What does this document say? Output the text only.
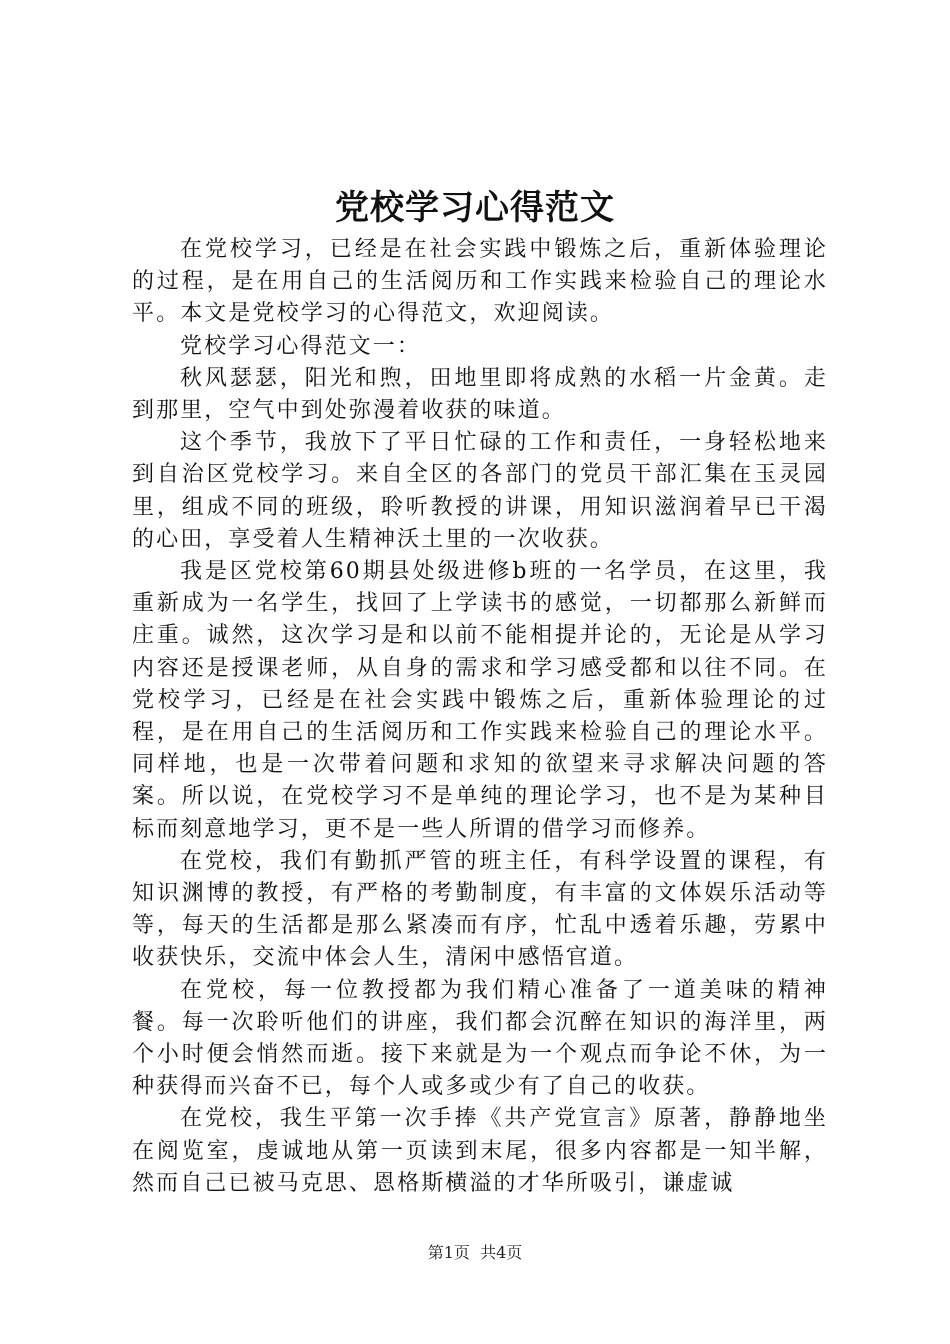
党校学习心得范文

在党校学习，已经是在社会实践中锻炼之后，重新体验理论的过程，是在用自己的生活阅历和工作实践来检验自己的理论水平。本文是党校学习的心得范文，欢迎阅读。

党校学习心得范文一：

秋风瑟瑟，阳光和煦，田地里即将成熟的水稻一片金黄。走到那里，空气中到处弥漫着收获的味道。

这个季节，我放下了平日忙碌的工作和责任，一身轻松地来到自治区党校学习。来自全区的各部门的党员干部汇集在玉灵园里，组成不同的班级，聆听教授的讲课，用知识滋润着早已干渴的心田，享受着人生精神沃土里的一次收获。

我是区党校第60期县处级进修b班的一名学员，在这里，我重新成为一名学生，找回了上学读书的感觉，一切都那么新鲜而庄重。诚然，这次学习是和以前不能相提并论的，无论是从学习内容还是授课老师，从自身的需求和学习感受都和以往不同。在党校学习，已经是在社会实践中锻炼之后，重新体验理论的过程，是在用自己的生活阅历和工作实践来检验自己的理论水平。同样地，也是一次带着问题和求知的欲望来寻求解决问题的答案。所以说，在党校学习不是单纯的理论学习，也不是为某种目标而刻意地学习，更不是一些人所谓的借学习而修养。

在党校，我们有勤抓严管的班主任，有科学设置的课程，有知识渊博的教授，有严格的考勤制度，有丰富的文体娱乐活动等等，每天的生活都是那么紧凑而有序，忙乱中透着乐趣，劳累中收获快乐，交流中体会人生，清闲中感悟官道。

在党校，每一位教授都为我们精心准备了一道美味的精神餐。每一次聆听他们的讲座，我们都会沉醉在知识的海洋里，两个小时便会悄然而逝。接下来就是为一个观点而争论不休，为一种获得而兴奋不已，每个人或多或少有了自己的收获。

在党校，我生平第一次手捧《共产党宣言》原著，静静地坐在阅览室，虔诚地从第一页读到末尾，很多内容都是一知半解，然而自己已被马克思、恩格斯横溢的才华所吸引，谦虚诚

第1页  共4页
